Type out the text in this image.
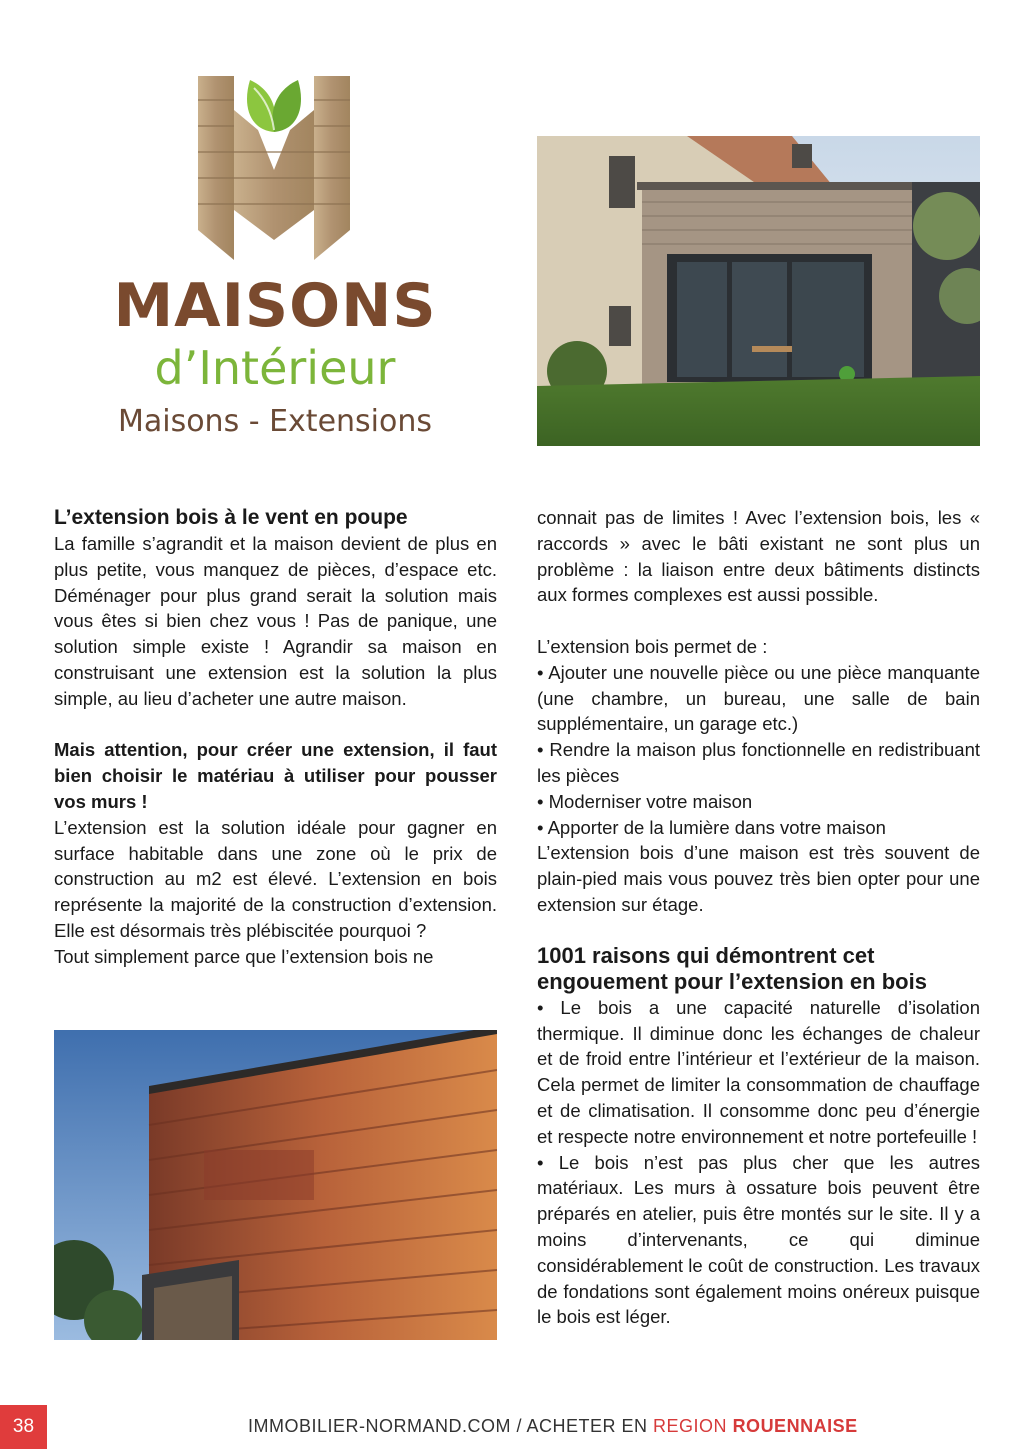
MAISONS
d’Intérieur
Maisons - Extensions
L’extension bois à le vent en poupe

La famille s’agrandit et la maison devient de plus en plus petite, vous manquez de pièces, d’espace etc. Déménager pour plus grand serait la solution mais vous êtes si bien chez vous ! Pas de panique, une solution simple existe ! Agrandir sa maison en construisant une extension est la solution la plus simple, au lieu d’acheter une autre maison.

Mais attention, pour créer une extension, il faut bien choisir le matériau à utiliser pour pousser vos murs !

L’extension est la solution idéale pour gagner en surface habitable dans une zone où le prix de construction au m2 est élevé. L’extension en bois représente la majorité de la construction d’extension. Elle est désormais très plébiscitée pourquoi ?

Tout simplement parce que l’extension bois ne

connait pas de limites ! Avec l’extension bois, les « raccords » avec le bâti existant ne sont plus un problème : la liaison entre deux bâtiments distincts aux formes complexes est aussi possible.

L’extension bois permet de :

• Ajouter une nouvelle pièce ou une pièce manquante (une chambre, un bureau, une salle de bain supplémentaire, un garage etc.)

• Rendre la maison plus fonctionnelle en redistribuant les pièces

• Moderniser votre maison

• Apporter de la lumière dans votre maison

L’extension bois d’une maison est très souvent de plain-pied mais vous pouvez très bien opter pour une extension sur étage.

1001 raisons qui démontrent cet engouement pour l’extension en bois

• Le bois a une capacité naturelle d’isolation thermique. Il diminue donc les échanges de chaleur et de froid entre l’intérieur et l’extérieur de la maison. Cela permet de limiter la consommation de chauffage et de climatisation. Il consomme donc peu d’énergie et respecte notre environnement et notre portefeuille !

• Le bois n’est pas plus cher que les autres matériaux. Les murs à ossature bois peuvent être préparés en atelier, puis être montés sur le site. Il y a moins d’intervenants, ce qui diminue considérablement le coût de construction. Les travaux de fondations sont également moins onéreux puisque le bois est léger.

38	IMMOBILIER-NORMAND.COM / ACHETER EN REGION ROUENNAISE
